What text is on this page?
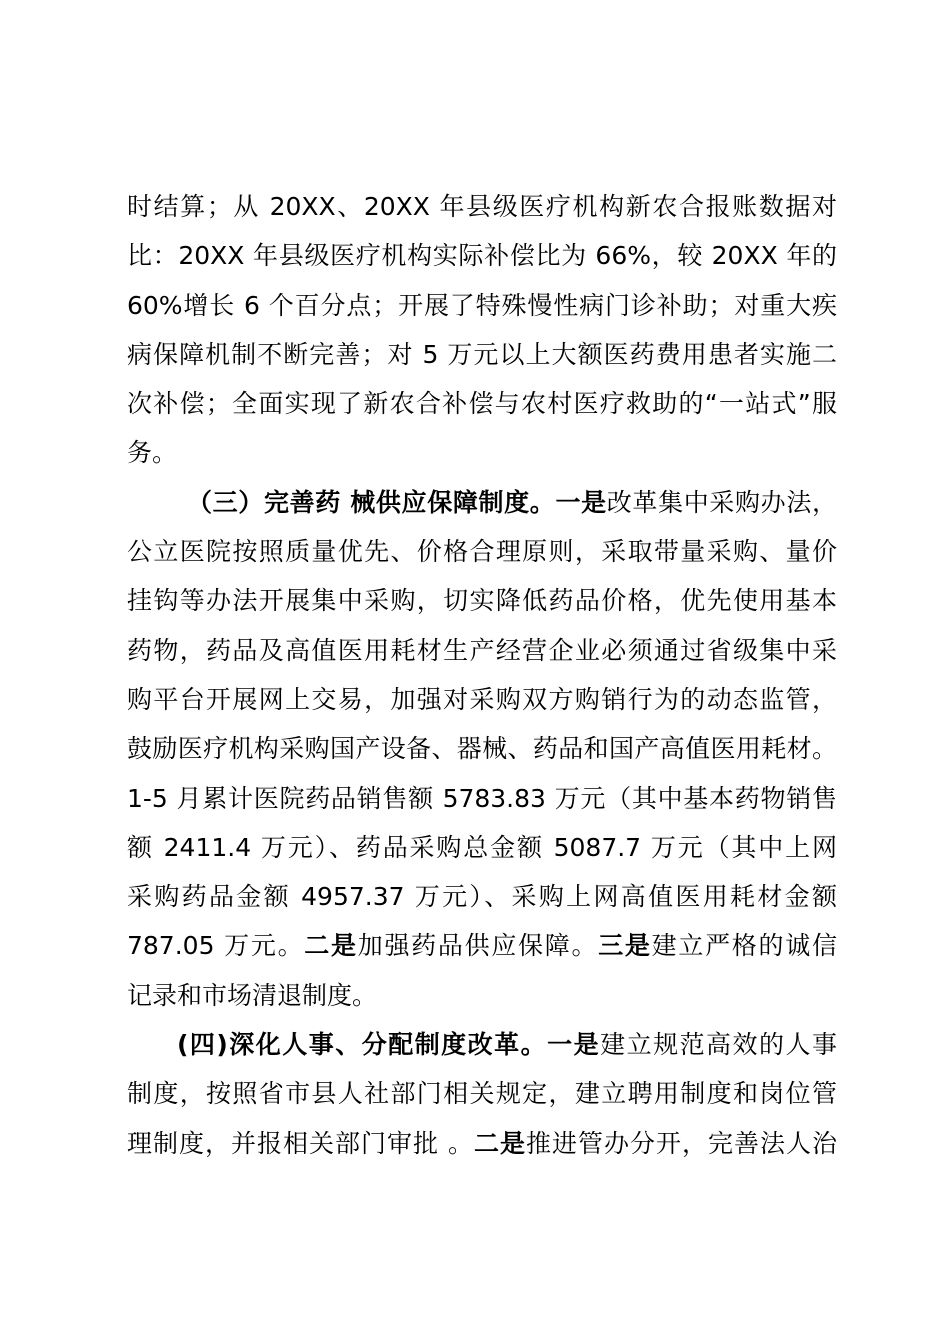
时结算；从 20XX、20XX 年县级医疗机构新农合报账数据对
比：20XX 年县级医疗机构实际补偿比为 66%，较 20XX 年的
60%增长 6 个百分点；开展了特殊慢性病门诊补助；对重大疾
病保障机制不断完善；对 5 万元以上大额医药费用患者实施二
次补偿；全面实现了新农合补偿与农村医疗救助的“一站式”服
务。
（三）完善药 械供应保障制度。一是改革集中采购办法，
公立医院按照质量优先、价格合理原则，采取带量采购、量价
挂钩等办法开展集中采购，切实降低药品价格，优先使用基本
药物，药品及高值医用耗材生产经营企业必须通过省级集中采
购平台开展网上交易，加强对采购双方购销行为的动态监管，
鼓励医疗机构采购国产设备、器械、药品和国产高值医用耗材。
1-5 月累计医院药品销售额 5783.83 万元（其中基本药物销售
额 2411.4 万元）、药品采购总金额 5087.7 万元（其中上网
采购药品金额 4957.37 万元）、采购上网高值医用耗材金额
787.05 万元。二是加强药品供应保障。三是建立严格的诚信
记录和市场清退制度。
(四)深化人事、分配制度改革。一是建立规范高效的人事
制度，按照省市县人社部门相关规定，建立聘用制度和岗位管
理制度，并报相关部门审批 。二是推进管办分开，完善法人治
